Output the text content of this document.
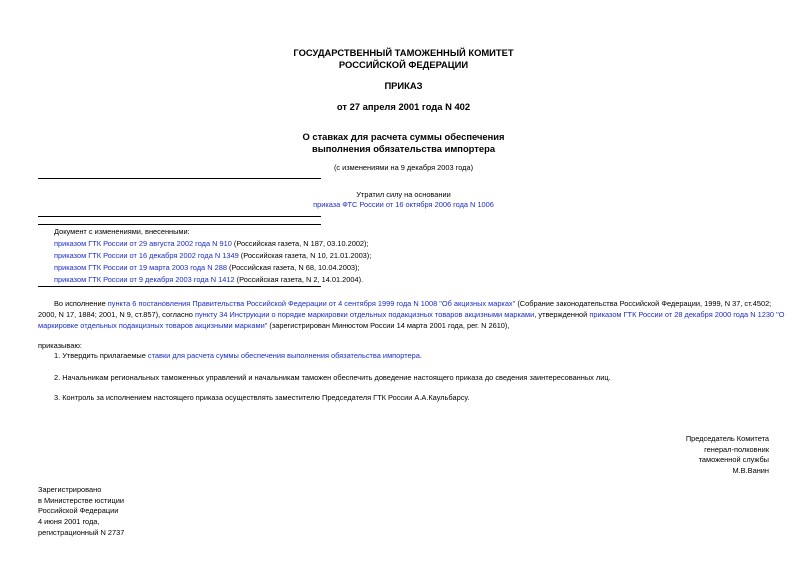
ГОСУДАРСТВЕННЫЙ ТАМОЖЕННЫЙ КОМИТЕТ
РОССИЙСКОЙ ФЕДЕРАЦИИ
ПРИКАЗ
от 27 апреля 2001 года N 402
О ставках для расчета суммы обеспечения
выполнения обязательства импортера
(с изменениями на 9 декабря 2003 года)
Утратил силу на основании
приказа ФТС России от 16 октября 2006 года N 1006
Документ с изменениями, внесенными:
приказом ГТК России от 29 августа 2002 года N 910 (Российская газета, N 187, 03.10.2002);
приказом ГТК России от 16 декабря 2002 года N 1349 (Российская газета, N 10, 21.01.2003);
приказом ГТК России от 19 марта 2003 года N 288 (Российская газета, N 68, 10.04.2003);
приказом ГТК России от 9 декабря 2003 года N 1412 (Российская газета, N 2, 14.01.2004).
Во исполнение пункта 6 постановления Правительства Российской Федерации от 4 сентября 1999 года N 1008 "Об акцизных марках" (Собрание законодательства Российской Федерации, 1999, N 37, ст.4502;
2000, N 17, 1884; 2001, N 9, ст.857), согласно пункту 34 Инструкции о порядке маркировки отдельных подакцизных товаров акцизными марками, утвержденной приказом ГТК России от 28 декабря 2000 года N 1230 "О
маркировке отдельных подакцизных товаров акцизными марками" (зарегистрирован Минюстом России 14 марта 2001 года, рег. N 2610),
приказываю:
1. Утвердить прилагаемые ставки для расчета суммы обеспечения выполнения обязательства импортера.
2. Начальникам региональных таможенных управлений и начальникам таможен обеспечить доведение настоящего приказа до сведения заинтересованных лиц.
3. Контроль за исполнением настоящего приказа осуществлять заместителю Председателя ГТК России А.А.Каульбарсу.
Председатель Комитета
генерал-полковник
таможенной службы
М.В.Ванин
Зарегистрировано
в Министерстве юстиции
Российской Федерации
4 июня 2001 года,
регистрационный N 2737
